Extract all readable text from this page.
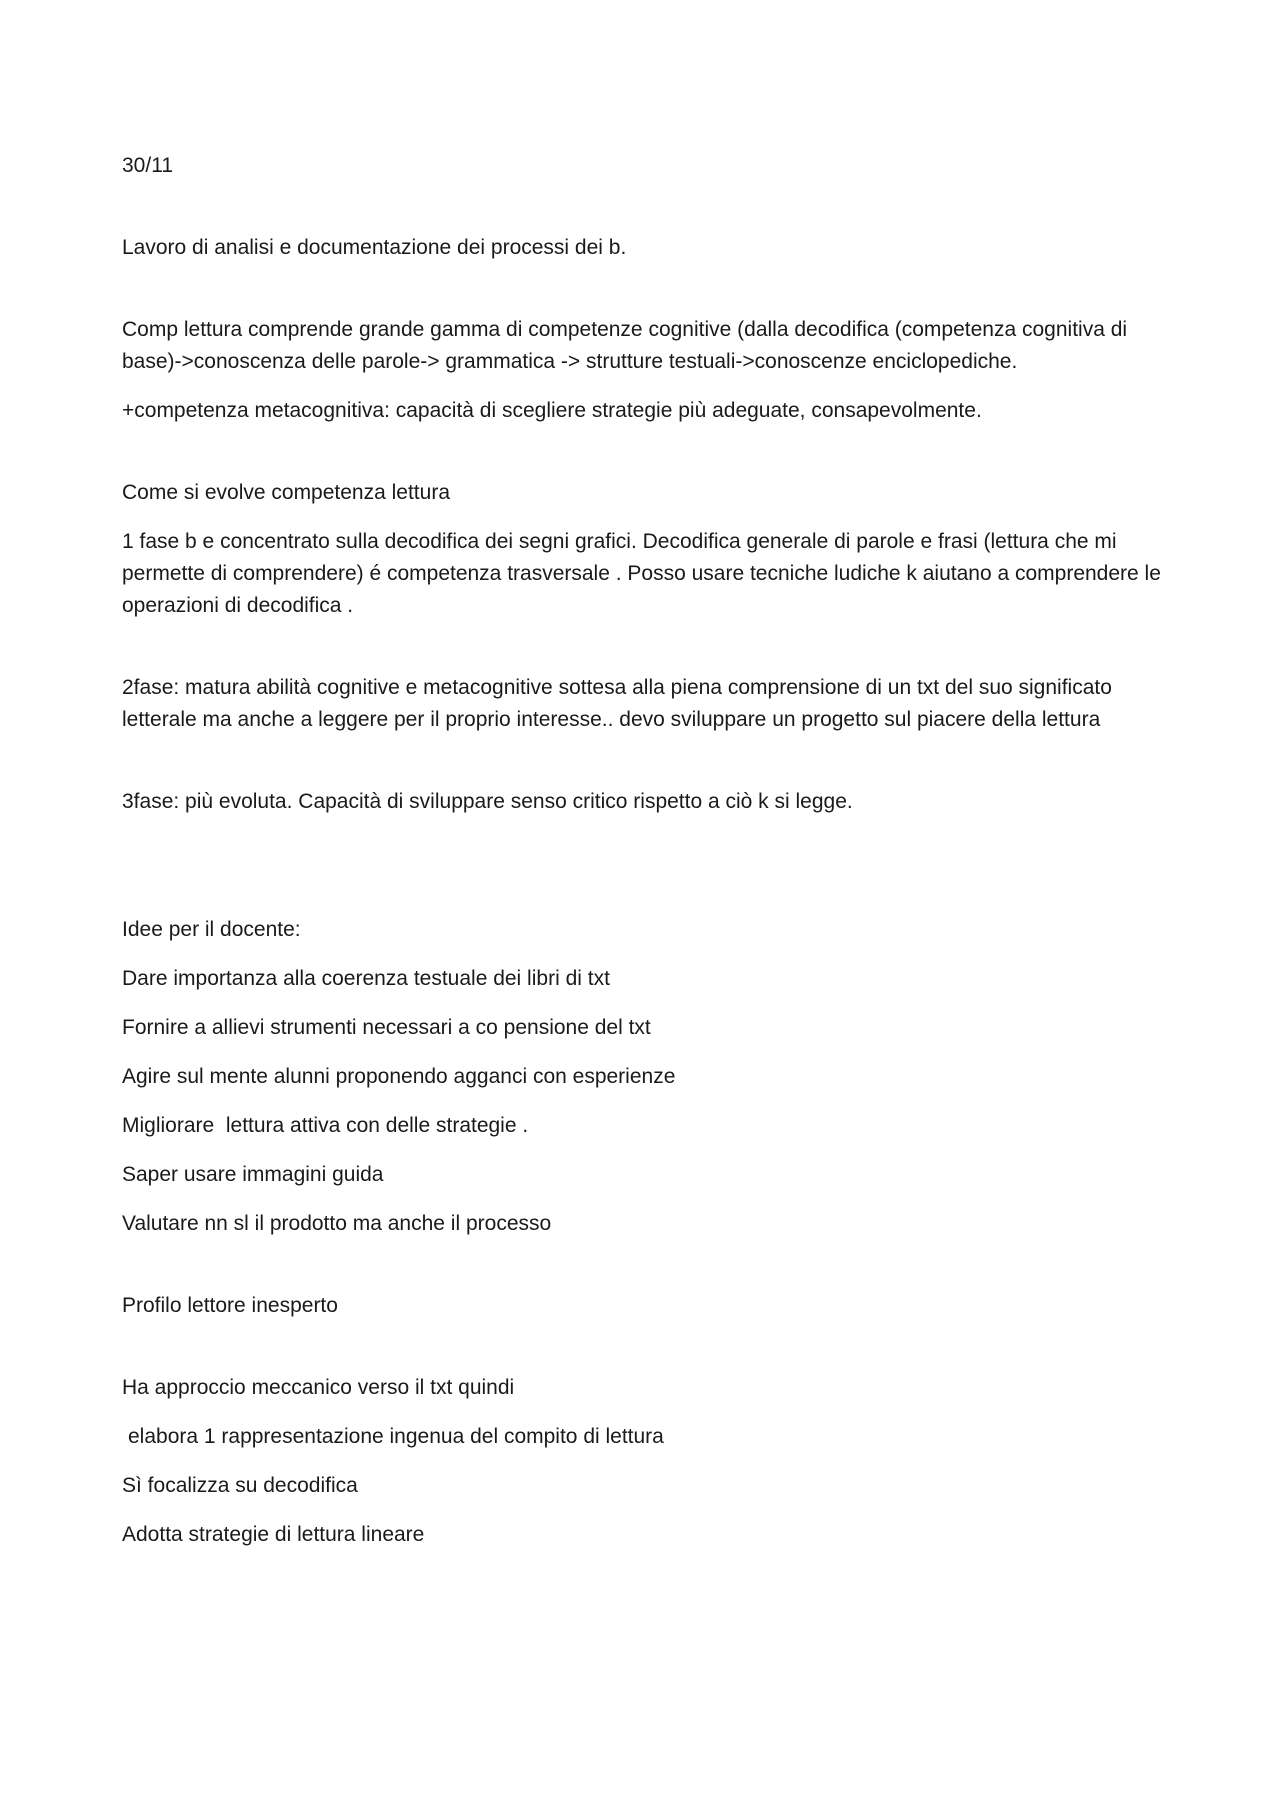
30/11

Lavoro di analisi e documentazione dei processi dei b.

Comp lettura comprende grande gamma di competenze cognitive (dalla decodifica (competenza cognitiva di base)->conoscenza delle parole-> grammatica -> strutture testuali->conoscenze enciclopediche.

+competenza metacognitiva: capacità di scegliere strategie più adeguate, consapevolmente.

Come si evolve competenza lettura

1 fase b e concentrato sulla decodifica dei segni grafici. Decodifica generale di parole e frasi (lettura che mi permette di comprendere) é competenza trasversale . Posso usare tecniche ludiche k aiutano a comprendere le operazioni di decodifica .

2fase: matura abilità cognitive e metacognitive sottesa alla piena comprensione di un txt del suo significato letterale ma anche a leggere per il proprio interesse.. devo sviluppare un progetto sul piacere della lettura

3fase: più evoluta. Capacità di sviluppare senso critico rispetto a ciò k si legge.

Idee per il docente:

Dare importanza alla coerenza testuale dei libri di txt

Fornire a allievi strumenti necessari a co pensione del txt

Agire sul mente alunni proponendo agganci con esperienze

Migliorare  lettura attiva con delle strategie .

Saper usare immagini guida

Valutare nn sl il prodotto ma anche il processo

Profilo lettore inesperto

Ha approccio meccanico verso il txt quindi

elabora 1 rappresentazione ingenua del compito di lettura

Sì focalizza su decodifica

Adotta strategie di lettura lineare
